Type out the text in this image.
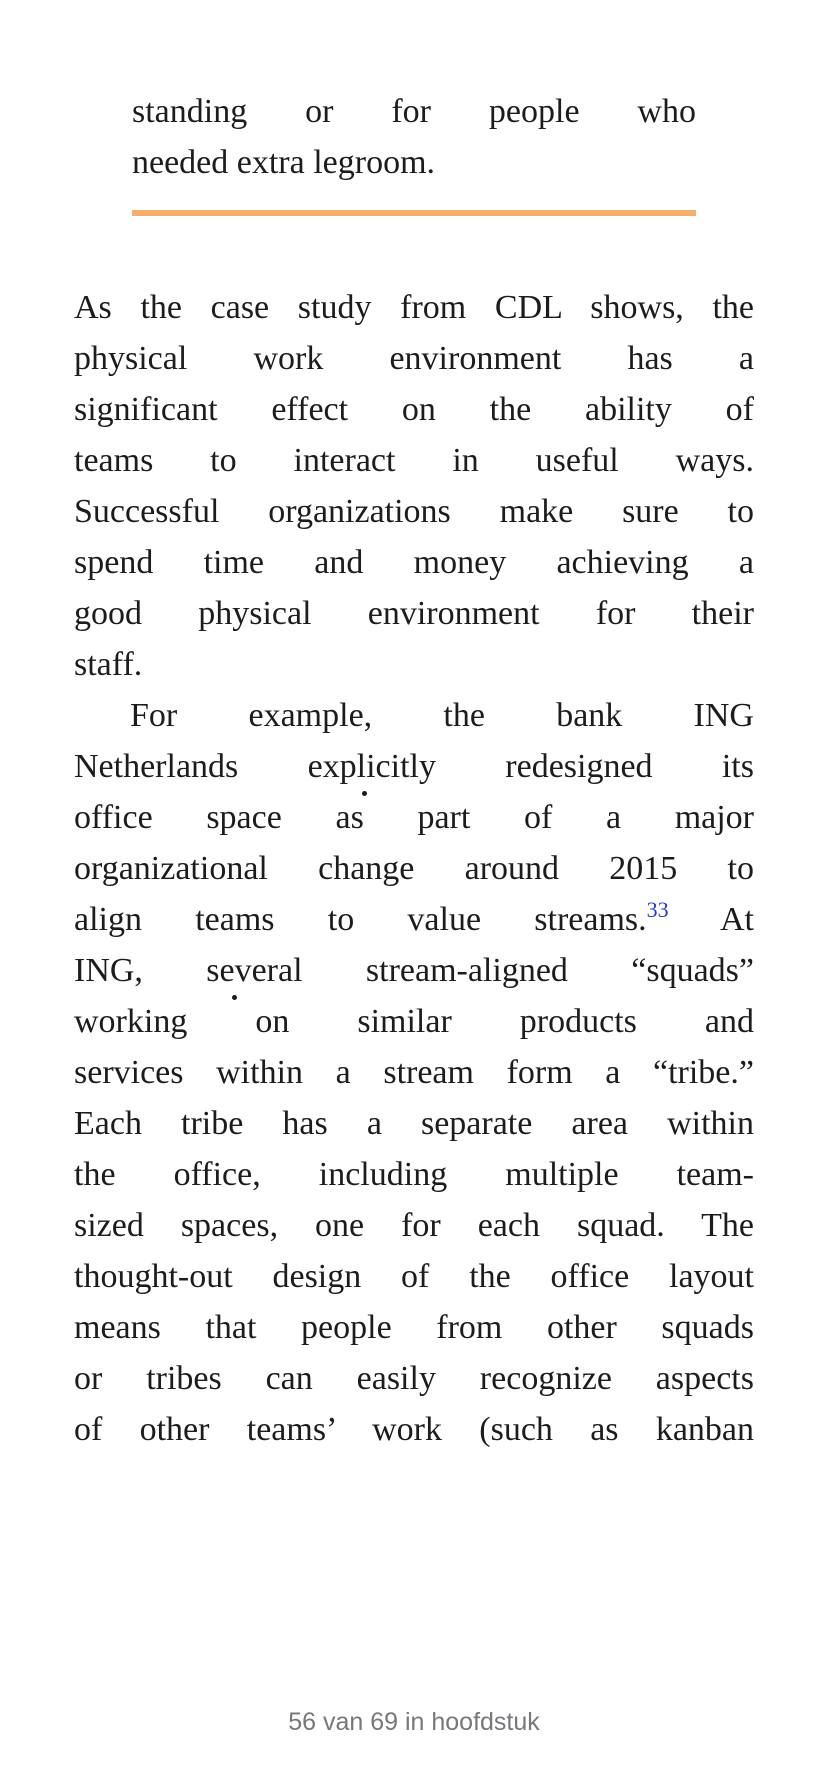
standing or for people who
needed extra legroom.
As the case study from CDL shows, the
physical work environment has a
significant effect on the ability of
teams to interact in useful ways.
Successful organizations make sure to
spend time and money achieving a
good physical environment for their
staff.
For example, the bank ING
Netherlands explicitly redesigned its
office space as part of a major
organizational change around 2015 to
align teams to value streams.$^{33}$ At
ING, several stream-aligned “squads”
working on similar products and
services within a stream form a “tribe.”
Each tribe has a separate area within
the office, including multiple team-
sized spaces, one for each squad. The
thought-out design of the office layout
means that people from other squads
or tribes can easily recognize aspects
of other teams’ work (such as kanban
56 van 69 in hoofdstuk
